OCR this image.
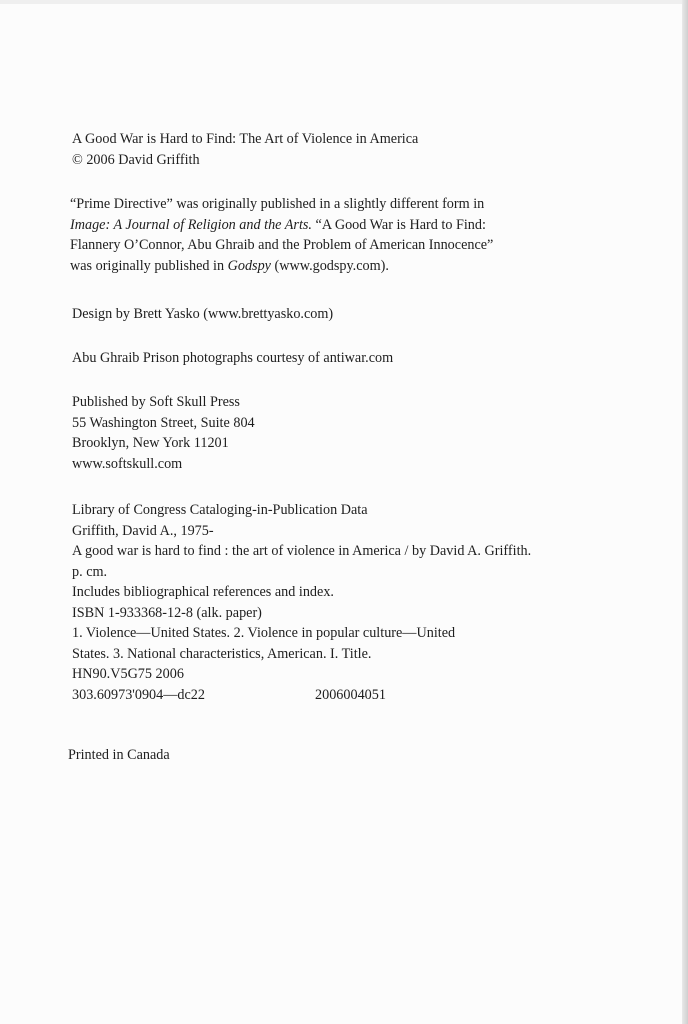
A Good War is Hard to Find: The Art of Violence in America
© 2006 David Griffith
“Prime Directive” was originally published in a slightly different form in
Image: A Journal of Religion and the Arts. “A Good War is Hard to Find:
Flannery O’Connor, Abu Ghraib and the Problem of American Innocence”
was originally published in Godspy (www.godspy.com).
Design by Brett Yasko (www.brettyasko.com)
Abu Ghraib Prison photographs courtesy of antiwar.com
Published by Soft Skull Press
55 Washington Street, Suite 804
Brooklyn, New York 11201
www.softskull.com
Library of Congress Cataloging-in-Publication Data
Griffith, David A., 1975-
A good war is hard to find : the art of violence in America / by David A. Griffith.
p. cm.
Includes bibliographical references and index.
ISBN 1-933368-12-8 (alk. paper)
1. Violence—United States. 2. Violence in popular culture—United
States. 3. National characteristics, American. I. Title.
HN90.V5G75 2006
303.60973'0904—dc22	2006004051
Printed in Canada
